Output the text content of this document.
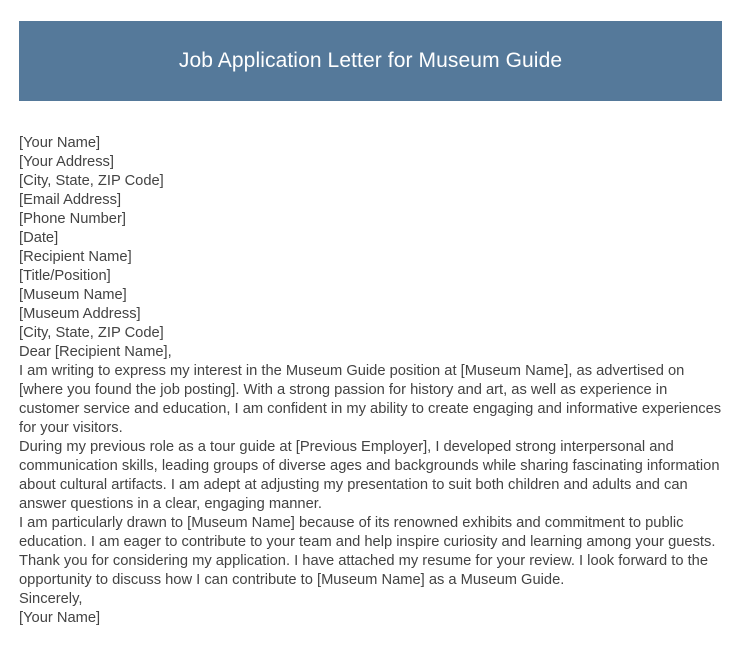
Job Application Letter for Museum Guide

[Your Name]

[Your Address]

[City, State, ZIP Code]

[Email Address]

[Phone Number]

[Date]

[Recipient Name]

[Title/Position]

[Museum Name]

[Museum Address]

[City, State, ZIP Code]

Dear [Recipient Name],

I am writing to express my interest in the Museum Guide position at [Museum Name], as advertised on [where you found the job posting]. With a strong passion for history and art, as well as experience in customer service and education, I am confident in my ability to create engaging and informative experiences for your visitors.

During my previous role as a tour guide at [Previous Employer], I developed strong interpersonal and communication skills, leading groups of diverse ages and backgrounds while sharing fascinating information about cultural artifacts. I am adept at adjusting my presentation to suit both children and adults and can answer questions in a clear, engaging manner.

I am particularly drawn to [Museum Name] because of its renowned exhibits and commitment to public education. I am eager to contribute to your team and help inspire curiosity and learning among your guests.

Thank you for considering my application. I have attached my resume for your review. I look forward to the opportunity to discuss how I can contribute to [Museum Name] as a Museum Guide.

Sincerely,

[Your Name]
